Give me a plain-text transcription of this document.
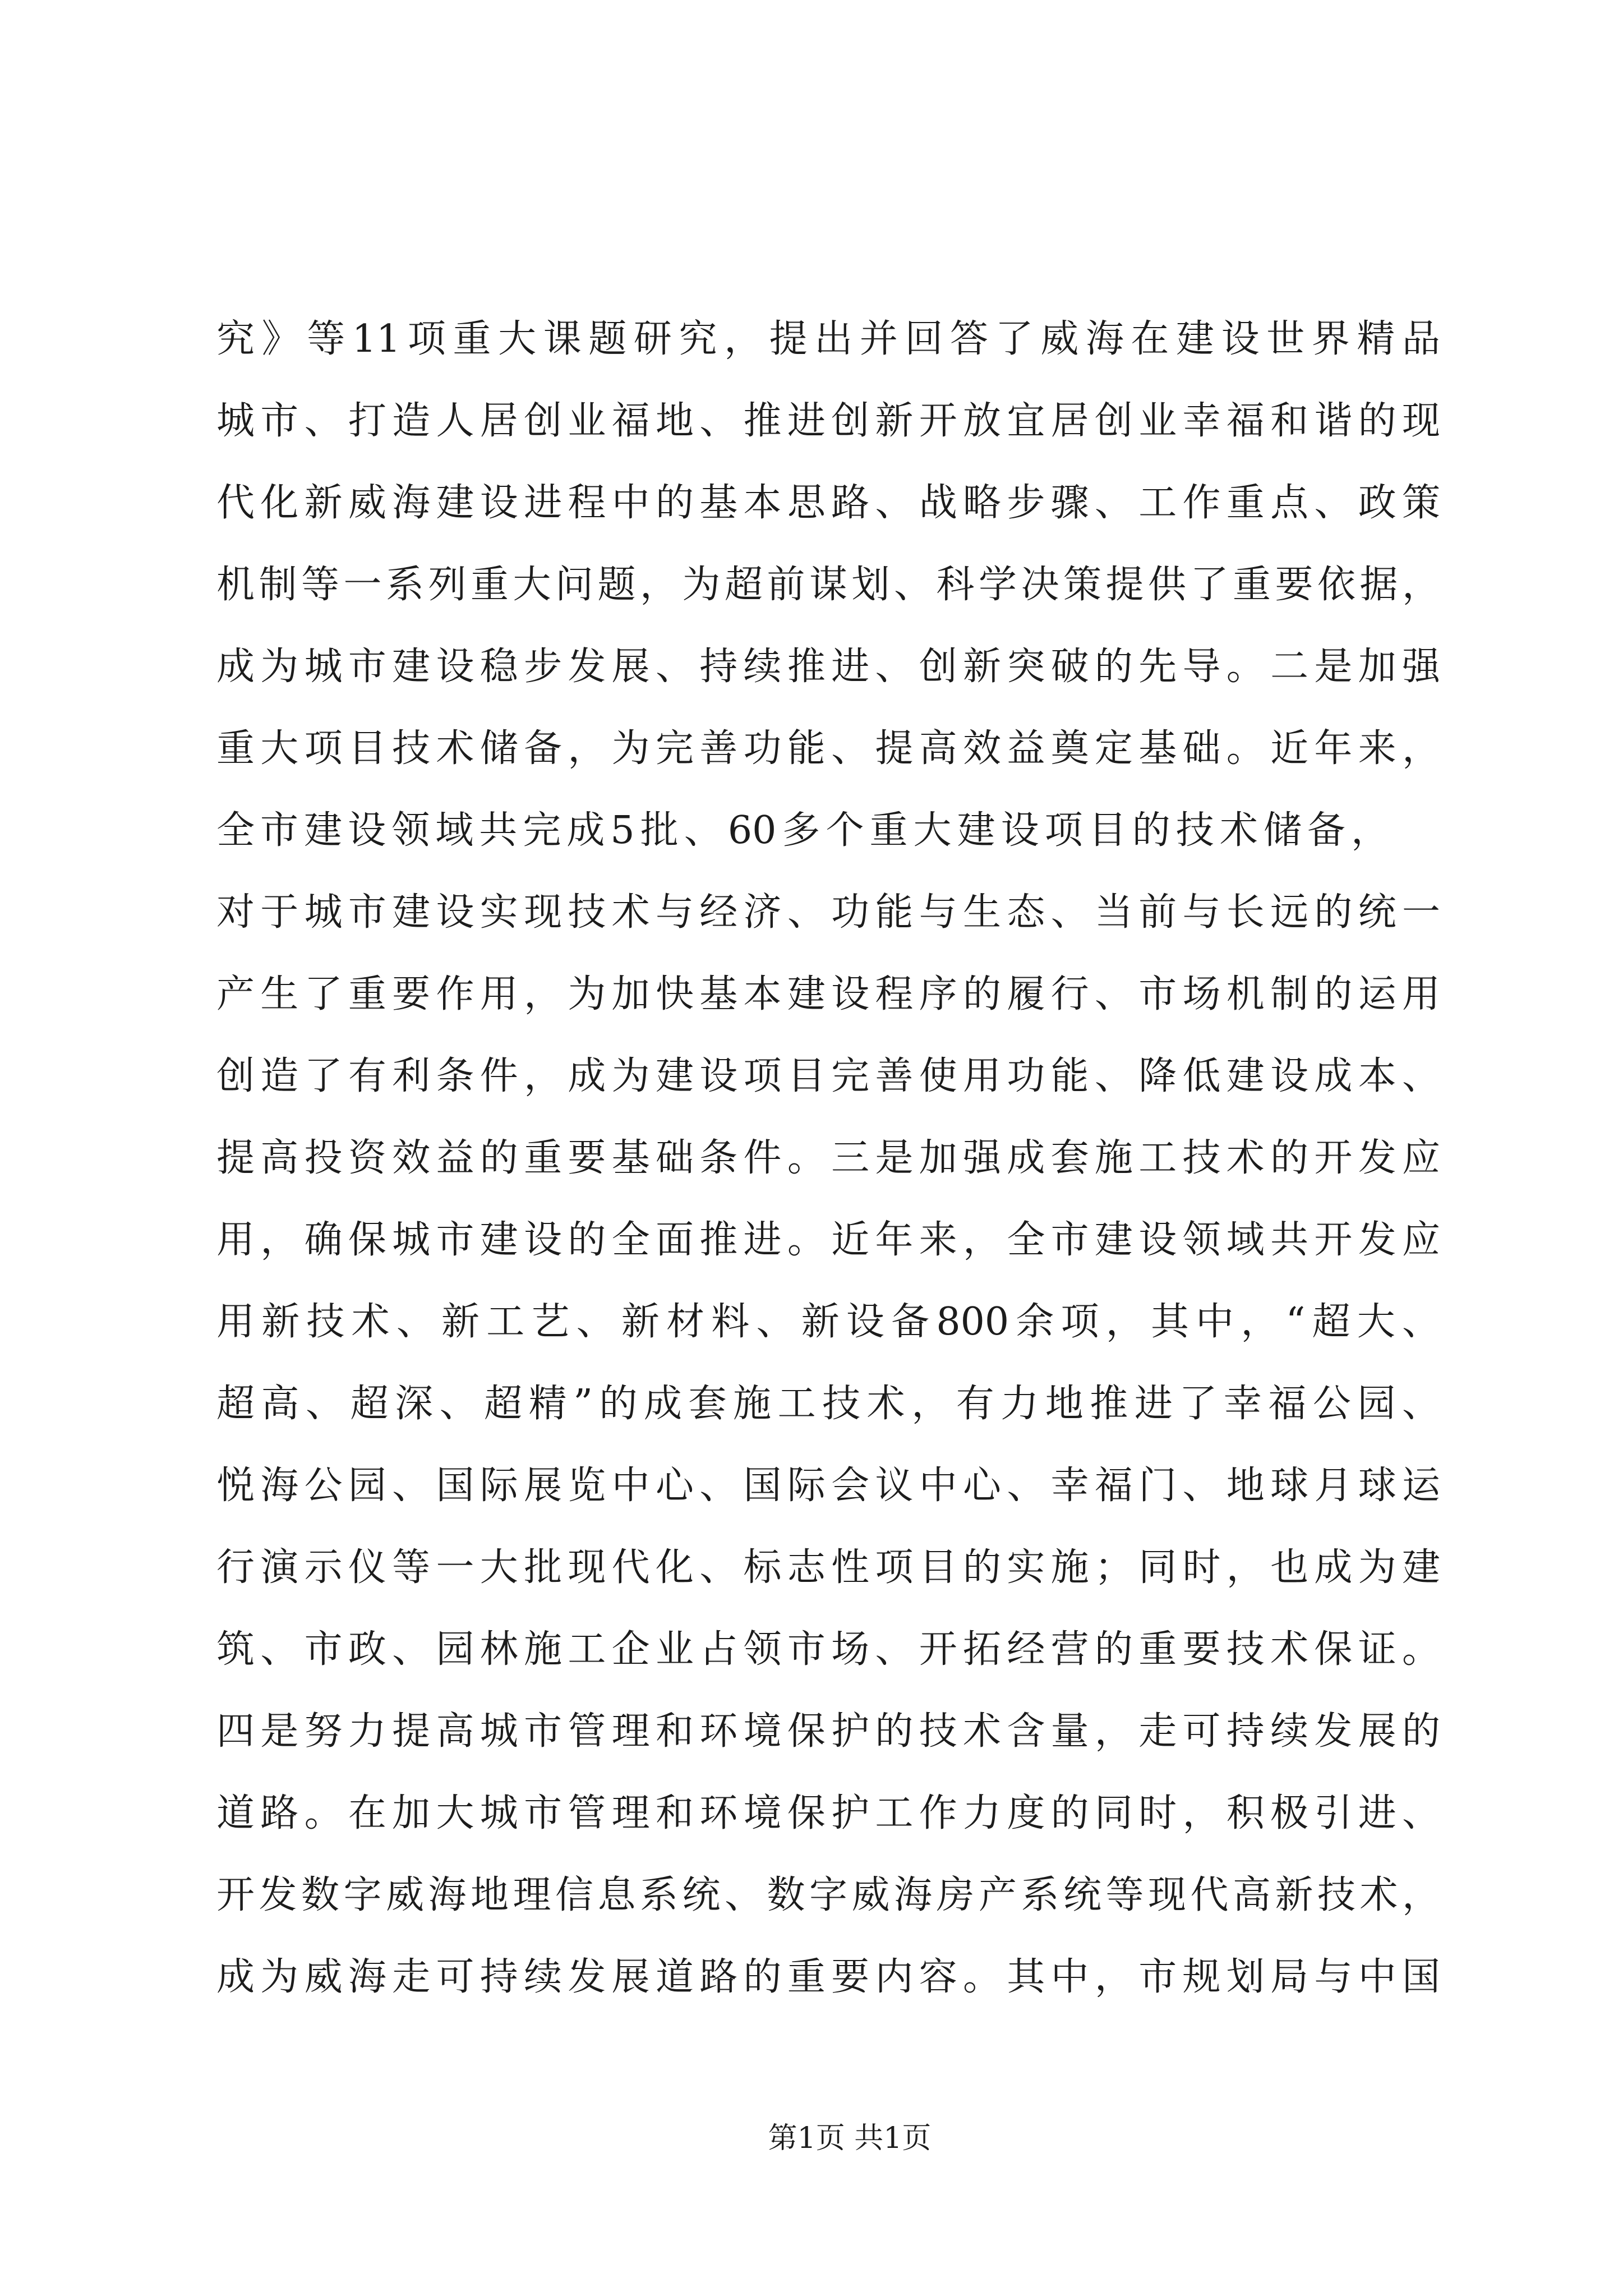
究》等11项重大课题研究，提出并回答了威海在建设世界精品
城市、打造人居创业福地、推进创新开放宜居创业幸福和谐的现
代化新威海建设进程中的基本思路、战略步骤、工作重点、政策
机制等一系列重大问题，为超前谋划、科学决策提供了重要依据，
成为城市建设稳步发展、持续推进、创新突破的先导。二是加强
重大项目技术储备，为完善功能、提高效益奠定基础。近年来，
全市建设领域共完成5批、60多个重大建设项目的技术储备，
对于城市建设实现技术与经济、功能与生态、当前与长远的统一
产生了重要作用，为加快基本建设程序的履行、市场机制的运用
创造了有利条件，成为建设项目完善使用功能、降低建设成本、
提高投资效益的重要基础条件。三是加强成套施工技术的开发应
用，确保城市建设的全面推进。近年来，全市建设领域共开发应
用新技术、新工艺、新材料、新设备800余项，其中，“超大、
超高、超深、超精”的成套施工技术，有力地推进了幸福公园、
悦海公园、国际展览中心、国际会议中心、幸福门、地球月球运
行演示仪等一大批现代化、标志性项目的实施；同时，也成为建
筑、市政、园林施工企业占领市场、开拓经营的重要技术保证。
四是努力提高城市管理和环境保护的技术含量，走可持续发展的
道路。在加大城市管理和环境保护工作力度的同时，积极引进、
开发数字威海地理信息系统、数字威海房产系统等现代高新技术，
成为威海走可持续发展道路的重要内容。其中，市规划局与中国
第1页 共1页
